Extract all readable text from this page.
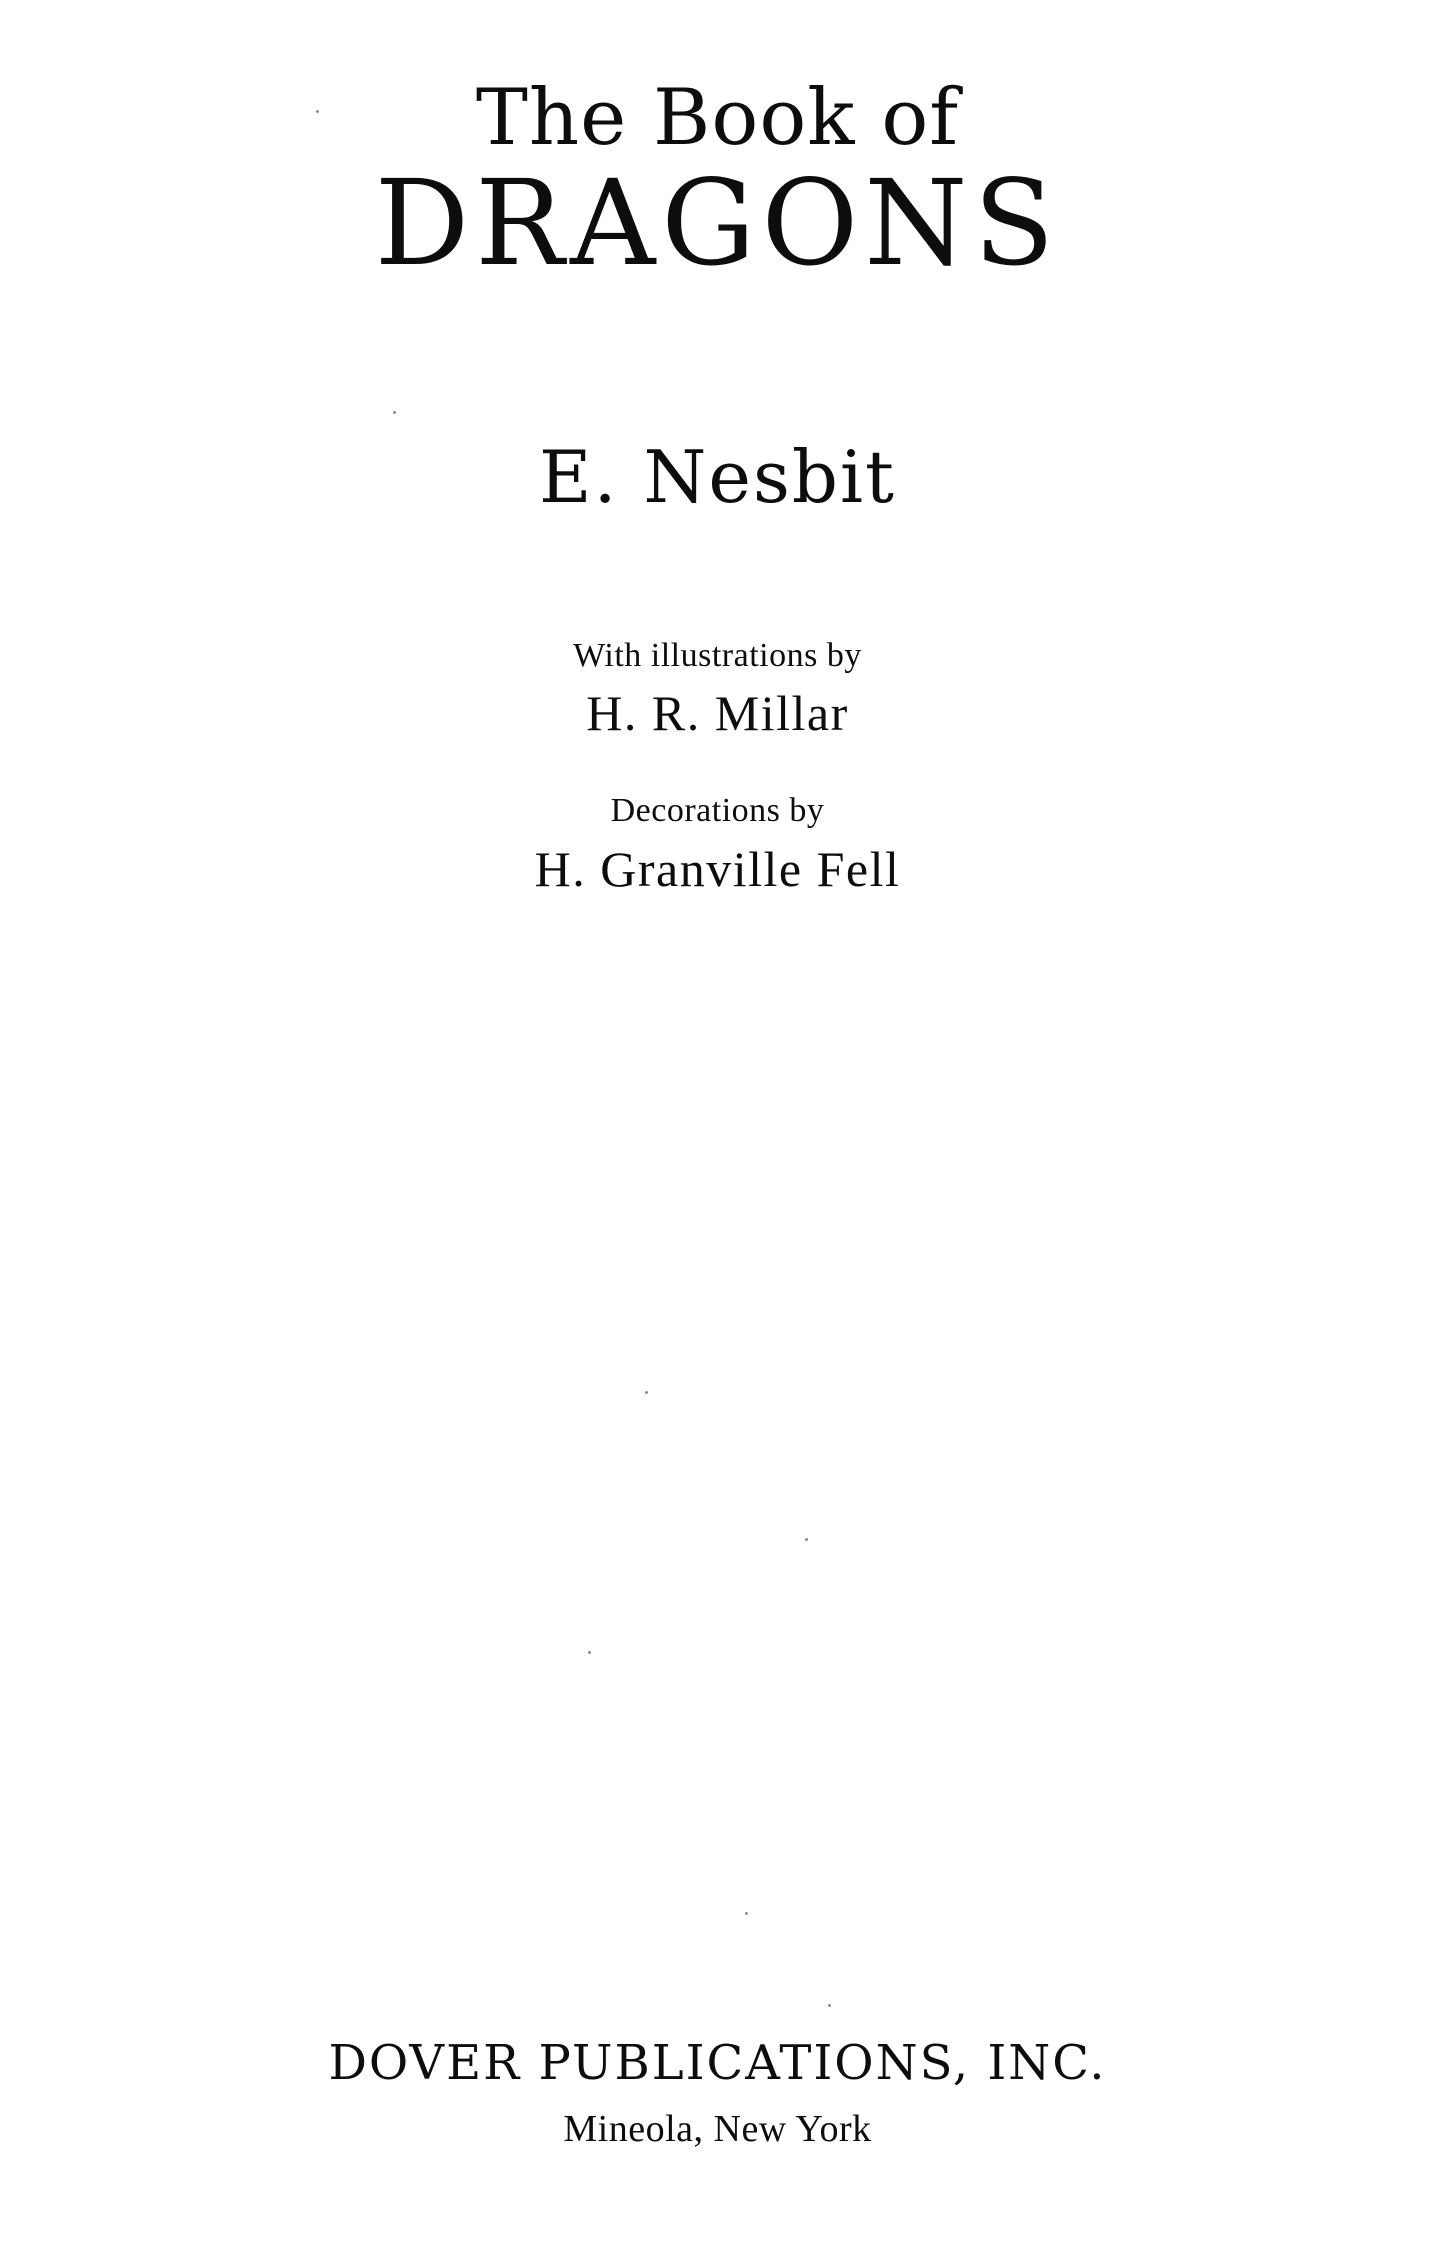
The Book of
DRAGONS
E. Nesbit
With illustrations by
H. R. Millar
Decorations by
H. Granville Fell
DOVER PUBLICATIONS, INC.
Mineola, New York
